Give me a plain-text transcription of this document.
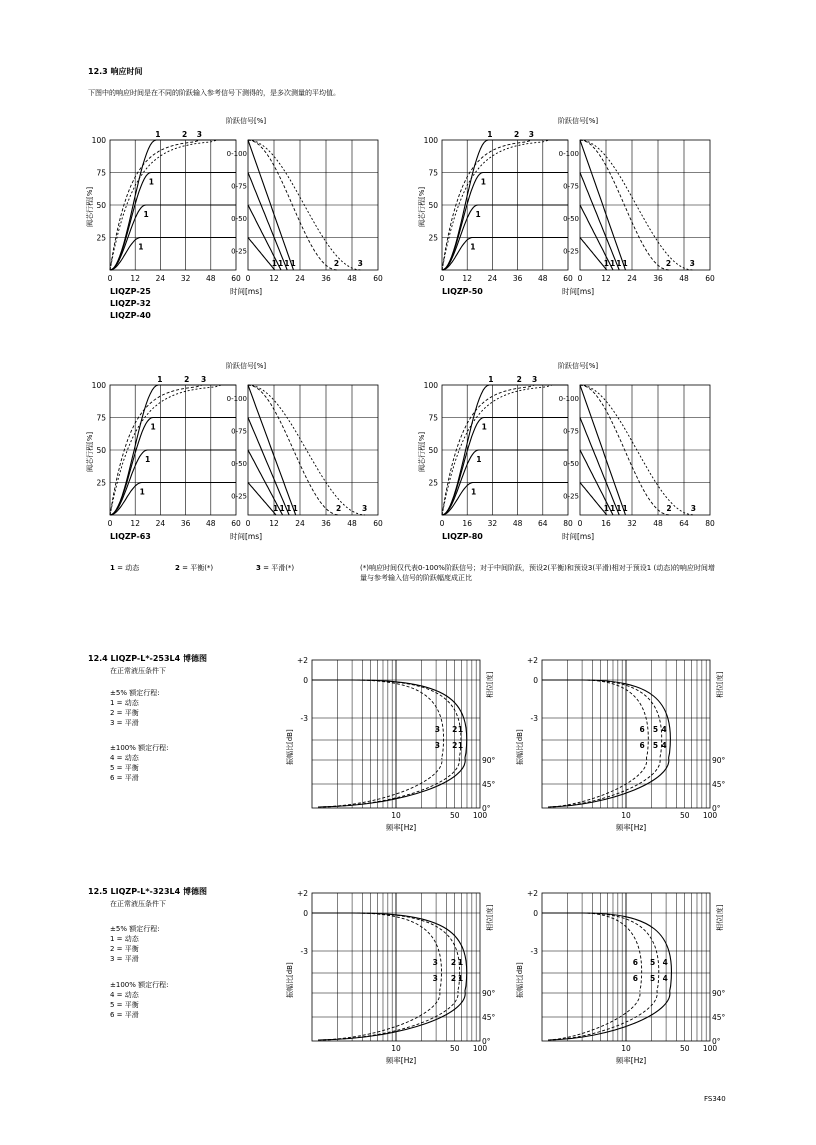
12.3 响应时间
下图中的响应时间是在不同的阶跃输入参考信号下测得的，是多次测量的平均值。
阶跃信号[%]
阀芯行程[%]
100
75
50
25
0 12 24 32 48 60 0	12 24 36 48 60
时间[ms]
0-100
0-75
0-50
0-25
1	2 3
1
1
1
1
1
1
1	2 3
LIQZP-25
LIQZP-32
LIQZP-40
阶跃信号[%]
阀芯行程[%]
100
75
50
25
0 12 24 36 48 60 0	12 24 36 48 60
时间[ms]
0-100
0-75
0-50
0-25
1	2 3
1
1
1
1
1
1
1	2 3
LIQZP-50
阶跃信号[%]
阀芯行程[%]
100
75
50
25
0 12 24 36 48 60 0	12 24 36 48 60
时间[ms]
0-100
0-75
0-50
0-25
1	2 3
1
1
1
1
1
1
1	2	3
LIQZP-63
阶跃信号[%]
阀芯行程[%]
100
75
50
25
0 16 32 48 64 80 0	16 32 48 64 80
时间[ms]
0-100
0-75
0-50
0-25
1	2 3
1
1
1
1
1
1
1	2	3
LIQZP-80
1 = 动态	2 = 平衡(*)	3 = 平滑(*)	(*)响应时间仅代表0-100%阶跃信号；对于中间阶跃，预设2(平衡)和预设3(平滑)相对于预设1 (动态)的响应时间增量与参考输入信号的阶跃幅度成正比
12.4 LIQZP-L*-253L4 博德图
在正常液压条件下
±5% 额定行程:
1 = 动态
2 = 平衡
3 = 平滑
±100% 额定行程:
4 = 动态
5 = 平衡
6 = 平滑
+2
0
-3
90°
45°
0°
振幅比[dB]
相位[度]
10	50 100
频率[Hz]
1
1
2
2
3
3
+2
0
-3
90°
45°
0°
振幅比[dB]
相位[度]
10	50 100
频率[Hz]
4
4
5
5
6
6
12.5 LIQZP-L*-323L4 博德图
在正常液压条件下
±5% 额定行程:
1 = 动态
2 = 平衡
3 = 平滑
±100% 额定行程:
4 = 动态
5 = 平衡
6 = 平滑
+2
0
-3
90°
45°
0°
振幅比[dB]
相位[度]
10	50 100
频率[Hz]
1
1
2
2
3
3
+2
0
-3
90°
45°
0°
振幅比[dB]
相位[度]
10	50 100
频率[Hz]
4
4
5
5
6
6
FS340
